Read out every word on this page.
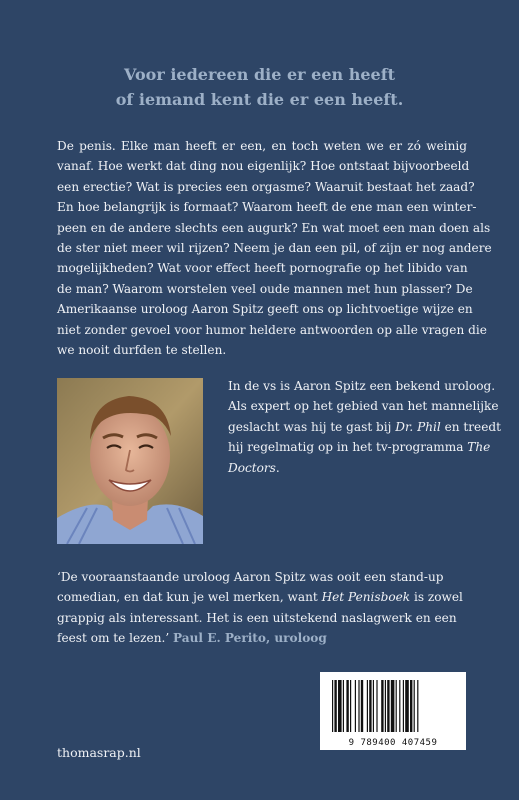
Voor iedereen die er een heeft
of iemand kent die er een heeft.
De penis. Elke man heeft er een, en toch weten we er zó weinig
vanaf. Hoe werkt dat ding nou eigenlijk? Hoe ontstaat bijvoorbeeld
een erectie? Wat is precies een orgasme? Waaruit bestaat het zaad?
En hoe belangrijk is formaat? Waarom heeft de ene man een winter-
peen en de andere slechts een augurk? En wat moet een man doen als
de ster niet meer wil rijzen? Neem je dan een pil, of zijn er nog andere
mogelijkheden? Wat voor effect heeft pornografie op het libido van
de man? Waarom worstelen veel oude mannen met hun plasser? De
Amerikaanse uroloog Aaron Spitz geeft ons op lichtvoetige wijze en
niet zonder gevoel voor humor heldere antwoorden op alle vragen die
we nooit durfden te stellen.
In de vs is Aaron Spitz een bekend uroloog.
Als expert op het gebied van het mannelijke
geslacht was hij te gast bij Dr. Phil en treedt
hij regelmatig op in het tv-programma The
Doctors.
‘De vooraanstaande uroloog Aaron Spitz was ooit een stand-up
comedian, en dat kun je wel merken, want Het Penisboek is zowel
grappig als interessant. Het is een uitstekend naslagwerk en een
feest om te lezen.’ Paul E. Perito, uroloog
9 789400 407459
thomasrap.nl
